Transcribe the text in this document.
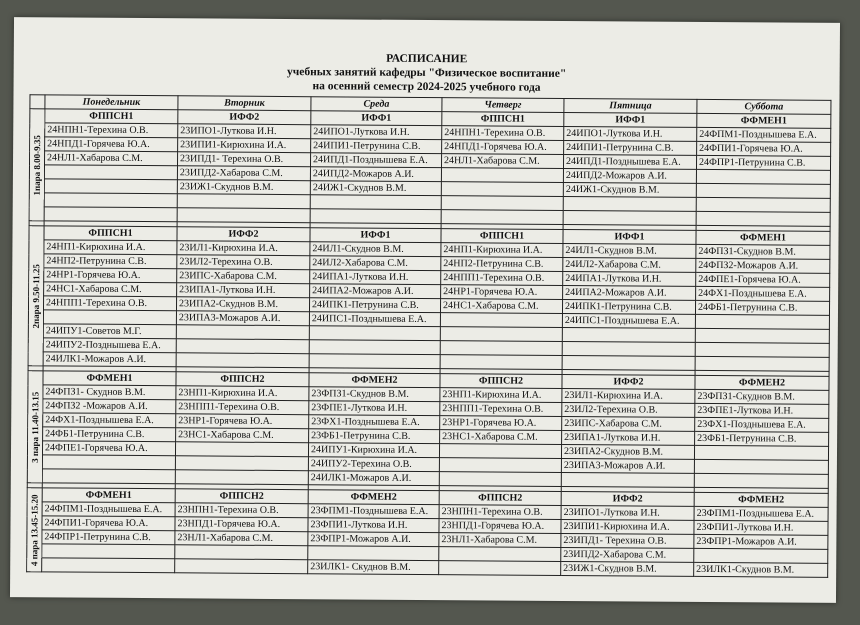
РАСПИСАНИЕ
учебных занятий кафедры "Физическое воспитание"
на осенний семестр 2024-2025 учебного года
	Понедельник	Вторник	Среда	Четверг	Пятница	Суббота

1пара 8.00-9.35	ФППСН1	ИФФ2	ИФФ1	ФППСН1	ИФФ1	ФФМЕН1
	24НПН1-Терехина О.В.	23ИПО1-Луткова И.Н.	24ИПО1-Луткова И.Н.	24НПН1-Терехина О.В.	24ИПО1-Луткова И.Н.	24ФПМ1-Позднышева Е.А.
	24НПД1-Горячева Ю.А.	23ИПИ1-Кирюхина И.А.	24ИПИ1-Петрунина С.В.	24НПД1-Горячева Ю.А.	24ИПИ1-Петрунина С.В.	24ФПИ1-Горячева Ю.А.
	24НЛ1-Хабарова С.М.	23ИПД1- Терехина О.В.	24ИПД1-Позднышева Е.А.	24НЛ1-Хабарова С.М.	24ИПД1-Позднышева Е.А.	24ФПР1-Петрунина С.В.
		23ИПД2-Хабарова С.М.	24ИПД2-Можаров А.И.		24ИПД2-Можаров А.И.	
		23ИЖ1-Скуднов В.М.	24ИЖ1-Скуднов В.М.		24ИЖ1-Скуднов В.М.	

2пара 9.50-11.25	ФППСН1	ИФФ2	ИФФ1	ФППСН1	ИФФ1	ФФМЕН1
	24НП1-Кирюхина И.А.	23ИЛ1-Кирюхина И.А.	24ИЛ1-Скуднов В.М.	24НП1-Кирюхина И.А.	24ИЛ1-Скуднов В.М.	24ФПЗ1-Скуднов В.М.
	24НП2-Петрунина С.В.	23ИЛ2-Терехина О.В.	24ИЛ2-Хабарова С.М.	24НП2-Петрунина С.В.	24ИЛ2-Хабарова С.М.	24ФПЗ2-Можаров А.И.
	24НР1-Горячева Ю.А.	23ИПС-Хабарова С.М.	24ИПА1-Луткова И.Н.	24НПП1-Терехина О.В.	24ИПА1-Луткова И.Н.	24ФПЕ1-Горячева Ю.А.
	24НС1-Хабарова С.М.	23ИПА1-Луткова И.Н.	24ИПА2-Можаров А.И.	24НР1-Горячева Ю.А.	24ИПА2-Можаров А.И.	24ФХ1-Позднышева Е.А.
	24НПП1-Терехина О.В.	23ИПА2-Скуднов В.М.	24ИПК1-Петрунина С.В.	24НС1-Хабарова С.М.	24ИПК1-Петрунина С.В.	24ФБ1-Петрунина С.В.
		23ИПА3-Можаров А.И.	24ИПС1-Позднышева Е.А.		24ИПС1-Позднышева Е.А.	
	24ИПУ1-Советов М.Г.					
	24ИПУ2-Позднышева Е.А.					
	24ИЛК1-Можаров А.И.					

3 пара 11.40-13.15	ФФМЕН1	ФППСН2	ФФМЕН2	ФППСН2	ИФФ2	ФФМЕН2
	24ФПЗ1- Скуднов В.М.	23НП1-Кирюхина И.А.	23ФПЗ1-Скуднов В.М.	23НП1-Кирюхина И.А.	23ИЛ1-Кирюхина И.А.	23ФПЗ1-Скуднов В.М.
	24ФПЗ2 -Можаров А.И.	23НПП1-Терехина О.В.	23ФПЕ1-Луткова И.Н.	23НПП1-Терехина О.В.	23ИЛ2-Терехина О.В.	23ФПЕ1-Луткова И.Н.
	24ФХ1-Позднышева Е.А.	23НР1-Горячева Ю.А.	23ФХ1-Позднышева Е.А.	23НР1-Горячева Ю.А.	23ИПС-Хабарова С.М.	23ФХ1-Позднышева Е.А.
	24ФБ1-Петрунина С.В.	23НС1-Хабарова С.М.	23ФБ1-Петрунина С.В.	23НС1-Хабарова С.М.	23ИПА1-Луткова И.Н.	23ФБ1-Петрунина С.В.
	24ФПЕ1-Горячева Ю.А.		24ИПУ1-Кирюхина И.А.		23ИПА2-Скуднов В.М.	
			24ИПУ2-Терехина О.В.		23ИПА3-Можаров А.И.	
			24ИЛК1-Можаров А.И.			

4 пара 13.45-15.20	ФФМЕН1	ФППСН2	ФФМЕН2	ФППСН2	ИФФ2	ФФМЕН2
	24ФПМ1-Позднышева Е.А.	23НПН1-Терехина О.В.	23ФПМ1-Позднышева Е.А.	23НПН1-Терехина О.В.	23ИПО1-Луткова И.Н.	23ФПМ1-Позднышева Е.А.
	24ФПИ1-Горячева Ю.А.	23НПД1-Горячева Ю.А.	23ФПИ1-Луткова И.Н.	23НПД1-Горячева Ю.А.	23ИПИ1-Кирюхина И.А.	23ФПИ1-Луткова И.Н.
	24ФПР1-Петрунина С.В.	23НЛ1-Хабарова С.М.	23ФПР1-Можаров А.И.	23НЛ1-Хабарова С.М.	23ИПД1- Терехина О.В.	23ФПР1-Можаров А.И.
					23ИПД2-Хабарова С.М.	
			23ИЛК1- Скуднов В.М.		23ИЖ1-Скуднов В.М.	23ИЛК1-Скуднов В.М.
